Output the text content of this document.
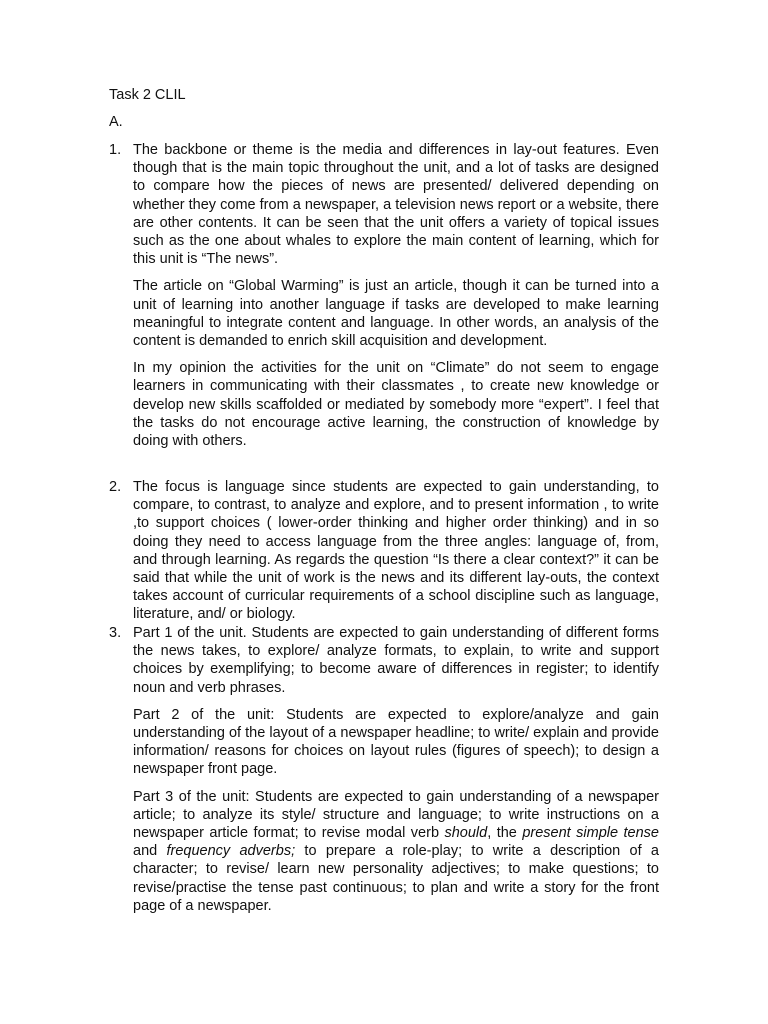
Task 2 CLIL

A.

1. The backbone or theme is the media and differences in lay-out features. Even though that is the main topic throughout the unit, and a lot of tasks are designed to compare how the pieces of news are presented/ delivered depending on whether they come from a newspaper, a television news report or a website, there are other contents. It can be seen that the unit offers a variety of topical issues such as the one about whales to explore the main content of learning, which for this unit is “The news”.

The article on “Global Warming” is just an article, though it can be turned into a unit of learning into another language if tasks are developed to make learning meaningful to integrate content and language. In other words, an analysis of the content is demanded to enrich skill acquisition and development.

In my opinion the activities for the unit on “Climate” do not seem to engage learners in communicating with their classmates , to create new knowledge or develop new skills scaffolded or mediated by somebody more “expert”. I feel that the tasks do not encourage active learning, the construction of knowledge by doing with others.

2. The focus is language since students are expected to gain understanding, to compare, to contrast, to analyze and explore, and to present information , to write ,to support choices ( lower-order thinking and higher order thinking) and in so doing they need to access language from the three angles: language of, from, and through learning. As regards the question “Is there a clear context?” it can be said that while the unit of work is the news and its different lay-outs, the context takes account of curricular requirements of a school discipline such as language, literature, and/ or biology.

3. Part 1 of the unit. Students are expected to gain understanding of different forms the news takes, to explore/ analyze formats, to explain, to write and support choices by exemplifying; to become aware of differences in register; to identify noun and verb phrases.

Part 2 of the unit: Students are expected to explore/analyze and gain understanding of the layout of a newspaper headline; to write/ explain and provide information/ reasons for choices on layout rules (figures of speech); to design a newspaper front page.

Part 3 of the unit: Students are expected to gain understanding of a newspaper article; to analyze its style/ structure and language; to write instructions on a newspaper article format; to revise modal verb should, the present simple tense and frequency adverbs; to prepare a role-play; to write a description of a character; to revise/ learn new personality adjectives; to make questions; to revise/practise the tense past continuous; to plan and write a story for the front page of a newspaper.
